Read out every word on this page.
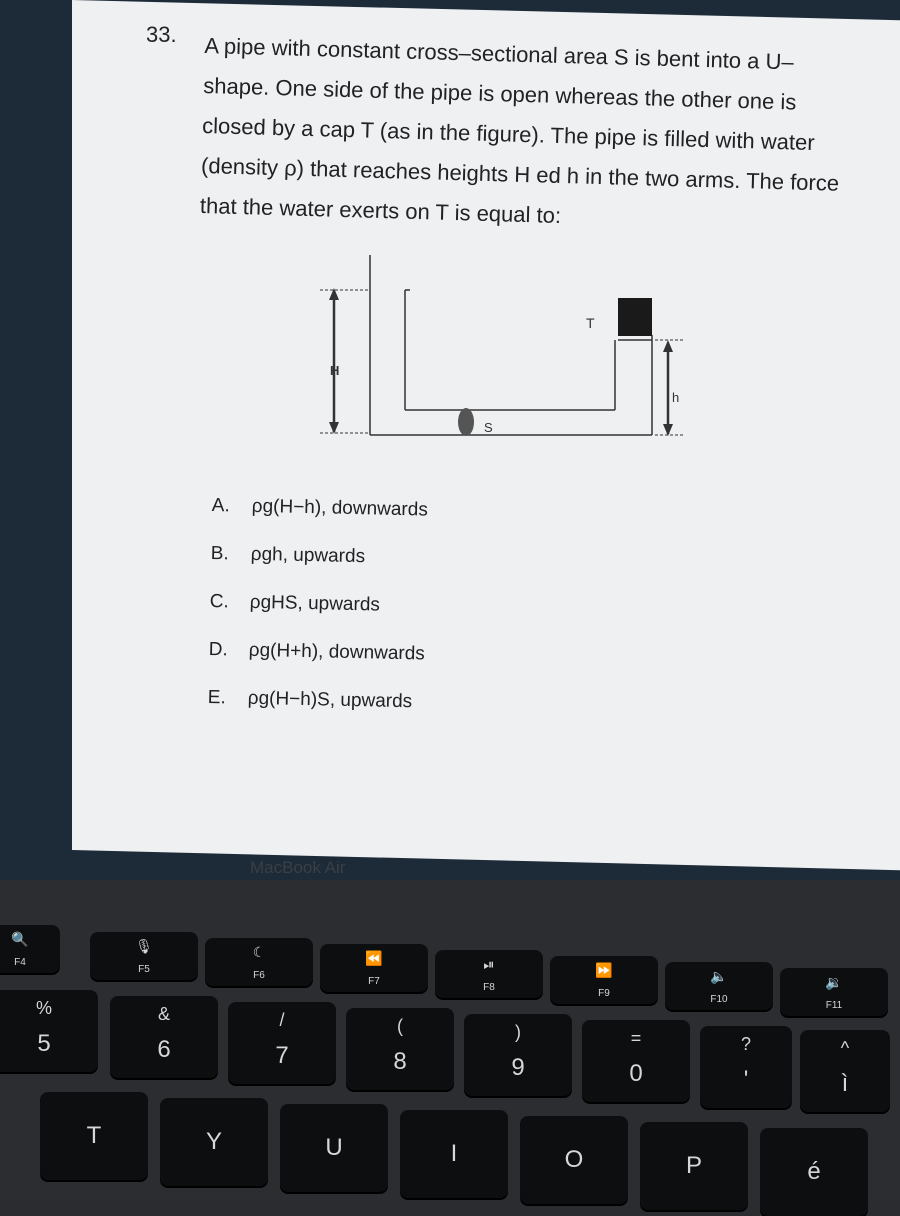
33. A pipe with constant cross–sectional area S is bent into a U–shape. One side of the pipe is open whereas the other one is closed by a cap T (as in the figure). The pipe is filled with water (density ρ) that reaches heights H ed h in the two arms. The force that the water exerts on T is equal to:
T
H
h
S
A. ρg(H−h), downwards
B. ρgh, upwards
C. ρgHS, upwards
D. ρg(H+h), downwards
E. ρg(H−h)S, upwards
MacBook Air
🔍
F4
🎙
F5
☾
F6
⏪
F7
⏯
F8
⏩
F9
🔈
F10
🔉
F11
%
5
&
6
/
7
(
8
)
9
=
0
?
'
^
ì
T	Y	U	I	O	P	é
